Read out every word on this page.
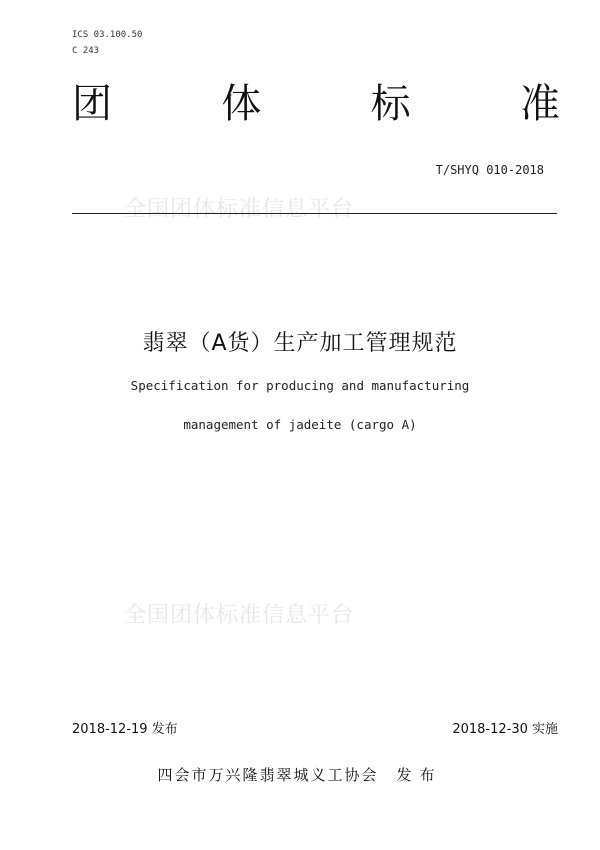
ICS 03.100.50
C 243
团	体	标	准
T/SHYQ 010-2018
全国团体标准信息平台
翡翠（A货）生产加工管理规范
Specification for producing and manufacturing
management of jadeite (cargo A)
全国团体标准信息平台
2018-12-19 发布	2018-12-30 实施
四会市万兴隆翡翠城义工协会 发布
